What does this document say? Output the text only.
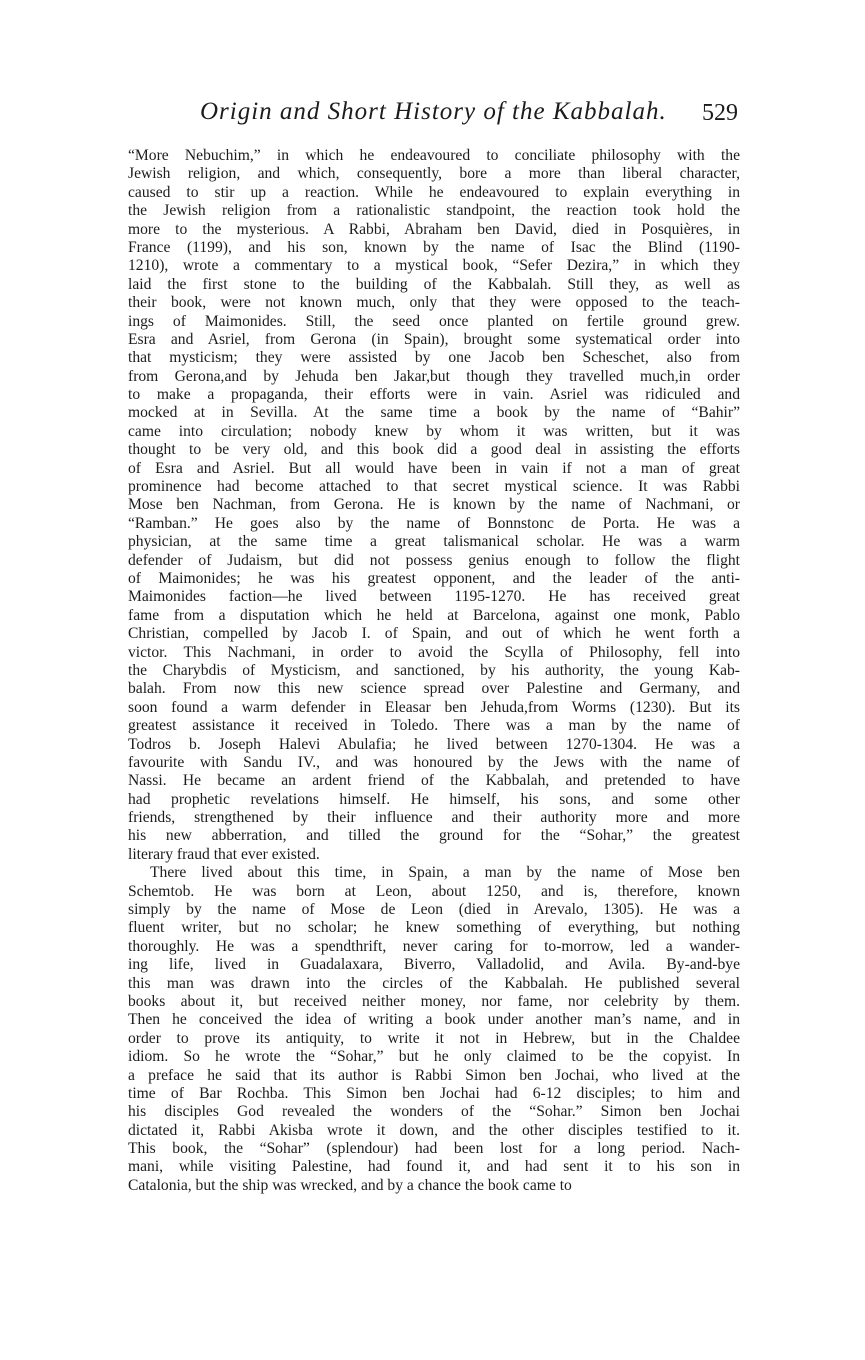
Origin and Short History of the Kabbalah. 529
“More Nebuchim,” in which he endeavoured to conciliate philosophy with the
Jewish religion, and which, consequently, bore a more than liberal character,
caused to stir up a reaction. While he endeavoured to explain everything in
the Jewish religion from a rationalistic standpoint, the reaction took hold the
more to the mysterious. A Rabbi, Abraham ben David, died in Posquières, in
France (1199), and his son, known by the name of Isac the Blind (1190-
1210), wrote a commentary to a mystical book, “Sefer Dezira,” in which they
laid the first stone to the building of the Kabbalah. Still they, as well as
their book, were not known much, only that they were opposed to the teach-
ings of Maimonides. Still, the seed once planted on fertile ground grew.
Esra and Asriel, from Gerona (in Spain), brought some systematical order into
that mysticism; they were assisted by one Jacob ben Scheschet, also from
from Gerona,and by Jehuda ben Jakar,but though they travelled much,in order
to make a propaganda, their efforts were in vain. Asriel was ridiculed and
mocked at in Sevilla. At the same time a book by the name of “Bahir”
came into circulation; nobody knew by whom it was written, but it was
thought to be very old, and this book did a good deal in assisting the efforts
of Esra and Asriel. But all would have been in vain if not a man of great
prominence had become attached to that secret mystical science. It was Rabbi
Mose ben Nachman, from Gerona. He is known by the name of Nachmani, or
“Ramban.” He goes also by the name of Bonnstonc de Porta. He was a
physician, at the same time a great talismanical scholar. He was a warm
defender of Judaism, but did not possess genius enough to follow the flight
of Maimonides; he was his greatest opponent, and the leader of the anti-
Maimonides faction—he lived between 1195-1270. He has received great
fame from a disputation which he held at Barcelona, against one monk, Pablo
Christian, compelled by Jacob I. of Spain, and out of which he went forth a
victor. This Nachmani, in order to avoid the Scylla of Philosophy, fell into
the Charybdis of Mysticism, and sanctioned, by his authority, the young Kab-
balah. From now this new science spread over Palestine and Germany, and
soon found a warm defender in Eleasar ben Jehuda,from Worms (1230). But its
greatest assistance it received in Toledo. There was a man by the name of
Todros b. Joseph Halevi Abulafia; he lived between 1270-1304. He was a
favourite with Sandu IV., and was honoured by the Jews with the name of
Nassi. He became an ardent friend of the Kabbalah, and pretended to have
had prophetic revelations himself. He himself, his sons, and some other
friends, strengthened by their influence and their authority more and more
his new abberration, and tilled the ground for the “Sohar,” the greatest
literary fraud that ever existed.
There lived about this time, in Spain, a man by the name of Mose ben
Schemtob. He was born at Leon, about 1250, and is, therefore, known
simply by the name of Mose de Leon (died in Arevalo, 1305). He was a
fluent writer, but no scholar; he knew something of everything, but nothing
thoroughly. He was a spendthrift, never caring for to-morrow, led a wander-
ing life, lived in Guadalaxara, Biverro, Valladolid, and Avila. By-and-bye
this man was drawn into the circles of the Kabbalah. He published several
books about it, but received neither money, nor fame, nor celebrity by them.
Then he conceived the idea of writing a book under another man’s name, and in
order to prove its antiquity, to write it not in Hebrew, but in the Chaldee
idiom. So he wrote the “Sohar,” but he only claimed to be the copyist. In
a preface he said that its author is Rabbi Simon ben Jochai, who lived at the
time of Bar Rochba. This Simon ben Jochai had 6-12 disciples; to him and
his disciples God revealed the wonders of the “Sohar.” Simon ben Jochai
dictated it, Rabbi Akisba wrote it down, and the other disciples testified to it.
This book, the “Sohar” (splendour) had been lost for a long period. Nach-
mani, while visiting Palestine, had found it, and had sent it to his son in
Catalonia, but the ship was wrecked, and by a chance the book came to
